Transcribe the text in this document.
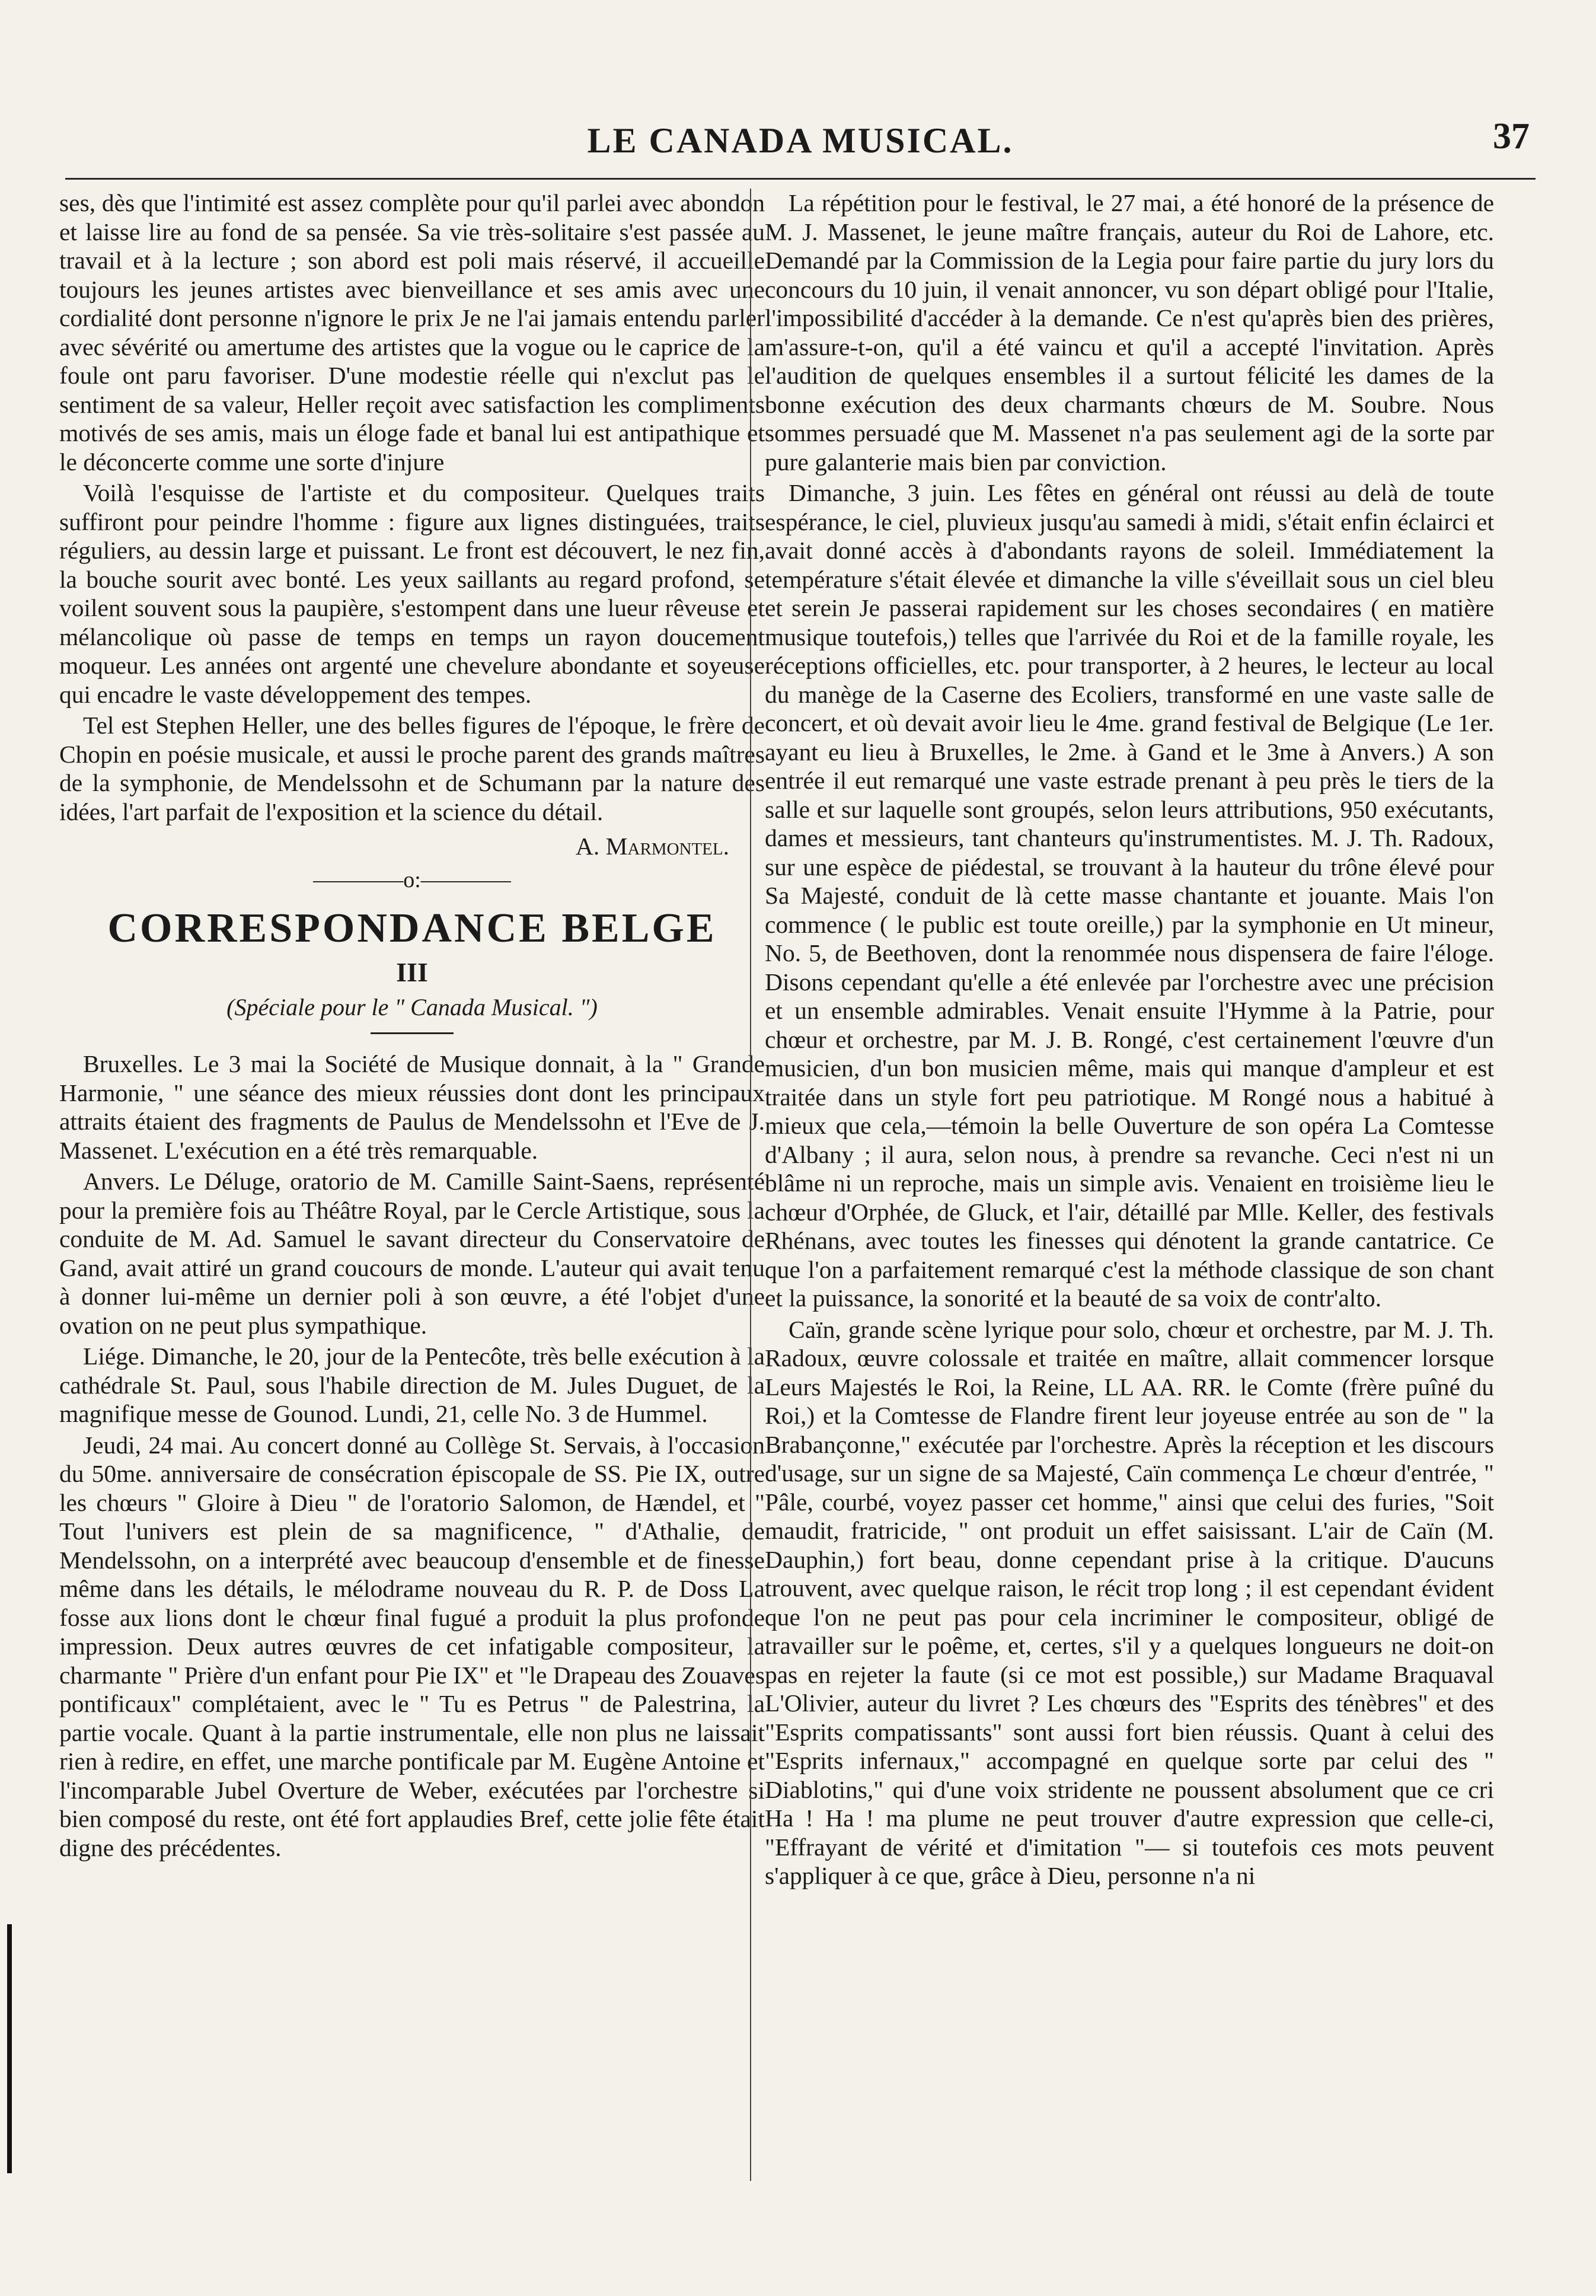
LE CANADA MUSICAL.	37

ses, dès que l'intimité est assez complète pour qu'il parlei avec abondon et laisse lire au fond de sa pensée. Sa vie très-solitaire s'est passée au travail et à la lecture ; son abord est poli mais réservé, il accueille toujours les jeunes artistes avec bienveillance et ses amis avec une cordialité dont personne n'ignore le prix Je ne l'ai jamais entendu parler avec sévérité ou amertume des artistes que la vogue ou le caprice de la foule ont paru favoriser. D'une modestie réelle qui n'exclut pas le sentiment de sa valeur, Heller reçoit avec satisfaction les compliments motivés de ses amis, mais un éloge fade et banal lui est antipathique et le déconcerte comme une sorte d'injure

Voilà l'esquisse de l'artiste et du compositeur. Quelques traits suffiront pour peindre l'homme : figure aux lignes distinguées, traits réguliers, au dessin large et puissant. Le front est découvert, le nez fin, la bouche sourit avec bonté. Les yeux saillants au regard profond, se voilent souvent sous la paupière, s'estompent dans une lueur rêveuse et mélancolique où passe de temps en temps un rayon doucement moqueur. Les années ont argenté une chevelure abondante et soyeuse qui encadre le vaste développement des tempes.

Tel est Stephen Heller, une des belles figures de l'époque, le frère de Chopin en poésie musicale, et aussi le proche parent des grands maîtres de la symphonie, de Mendelssohn et de Schumann par la nature des idées, l'art parfait de l'exposition et la science du détail.

A. Marmontel.
————o:————
CORRESPONDANCE BELGE
III
(Spéciale pour le " Canada Musical. ")

Bruxelles. Le 3 mai la Société de Musique donnait, à la " Grande Harmonie, " une séance des mieux réussies dont dont les principaux attraits étaient des fragments de Paulus de Mendelssohn et l'Eve de J. Massenet. L'exécution en a été très remarquable.

Anvers. Le Déluge, oratorio de M. Camille Saint-Saens, représenté pour la première fois au Théâtre Royal, par le Cercle Artistique, sous la conduite de M. Ad. Samuel le savant directeur du Conservatoire de Gand, avait attiré un grand coucours de monde. L'auteur qui avait tenu à donner lui-même un dernier poli à son œuvre, a été l'objet d'une ovation on ne peut plus sympathique.

Liége. Dimanche, le 20, jour de la Pentecôte, très belle exécution à la cathédrale St. Paul, sous l'habile direction de M. Jules Duguet, de la magnifique messe de Gounod. Lundi, 21, celle No. 3 de Hummel.

Jeudi, 24 mai. Au concert donné au Collège St. Servais, à l'occasion du 50me. anniversaire de consécration épiscopale de SS. Pie IX, outre les chœurs " Gloire à Dieu " de l'oratorio Salomon, de Hændel, et " Tout l'univers est plein de sa magnificence, " d'Athalie, de Mendelssohn, on a interprété avec beaucoup d'ensemble et de finesse même dans les détails, le mélodrame nouveau du R. P. de Doss La fosse aux lions dont le chœur final fugué a produit la plus profonde impression. Deux autres œuvres de cet infatigable compositeur, la charmante " Prière d'un enfant pour Pie IX" et "le Drapeau des Zouaves pontificaux" complétaient, avec le " Tu es Petrus " de Palestrina, la partie vocale. Quant à la partie instrumentale, elle non plus ne laissait rien à redire, en effet, une marche pontificale par M. Eugène Antoine et l'incomparable Jubel Overture de Weber, exécutées par l'orchestre si bien composé du reste, ont été fort applaudies Bref, cette jolie fête était digne des précédentes.

La répétition pour le festival, le 27 mai, a été honoré de la présence de M. J. Massenet, le jeune maître français, auteur du Roi de Lahore, etc. Demandé par la Commission de la Legia pour faire partie du jury lors du concours du 10 juin, il venait annoncer, vu son départ obligé pour l'Italie, l'impossibilité d'accéder à la demande. Ce n'est qu'après bien des prières, m'assure-t-on, qu'il a été vaincu et qu'il a accepté l'invitation. Après l'audition de quelques ensembles il a surtout félicité les dames de la bonne exécution des deux charmants chœurs de M. Soubre. Nous sommes persuadé que M. Massenet n'a pas seulement agi de la sorte par pure galanterie mais bien par conviction.

Dimanche, 3 juin. Les fêtes en général ont réussi au delà de toute espérance, le ciel, pluvieux jusqu'au samedi à midi, s'était enfin éclairci et avait donné accès à d'abondants rayons de soleil. Immédiatement la température s'était élevée et dimanche la ville s'éveillait sous un ciel bleu et serein Je passerai rapidement sur les choses secondaires ( en matière musique toutefois,) telles que l'arrivée du Roi et de la famille royale, les réceptions officielles, etc. pour transporter, à 2 heures, le lecteur au local du manège de la Caserne des Ecoliers, transformé en une vaste salle de concert, et où devait avoir lieu le 4me. grand festival de Belgique (Le 1er. ayant eu lieu à Bruxelles, le 2me. à Gand et le 3me à Anvers.) A son entrée il eut remarqué une vaste estrade prenant à peu près le tiers de la salle et sur laquelle sont groupés, selon leurs attributions, 950 exécutants, dames et messieurs, tant chanteurs qu'instrumentistes. M. J. Th. Radoux, sur une espèce de piédestal, se trouvant à la hauteur du trône élevé pour Sa Majesté, conduit de là cette masse chantante et jouante. Mais l'on commence ( le public est toute oreille,) par la symphonie en Ut mineur, No. 5, de Beethoven, dont la renommée nous dispensera de faire l'éloge. Disons cependant qu'elle a été enlevée par l'orchestre avec une précision et un ensemble admirables. Venait ensuite l'Hymme à la Patrie, pour chœur et orchestre, par M. J. B. Rongé, c'est certainement l'œuvre d'un musicien, d'un bon musicien même, mais qui manque d'ampleur et est traitée dans un style fort peu patriotique. M Rongé nous a habitué à mieux que cela,—témoin la belle Ouverture de son opéra La Comtesse d'Albany ; il aura, selon nous, à prendre sa revanche. Ceci n'est ni un blâme ni un reproche, mais un simple avis. Venaient en troisième lieu le chœur d'Orphée, de Gluck, et l'air, détaillé par Mlle. Keller, des festivals Rhénans, avec toutes les finesses qui dénotent la grande cantatrice. Ce que l'on a parfaitement remarqué c'est la méthode classique de son chant et la puissance, la sonorité et la beauté de sa voix de contr'alto.

Caïn, grande scène lyrique pour solo, chœur et orchestre, par M. J. Th. Radoux, œuvre colossale et traitée en maître, allait commencer lorsque Leurs Majestés le Roi, la Reine, LL AA. RR. le Comte (frère puîné du Roi,) et la Comtesse de Flandre firent leur joyeuse entrée au son de " la Brabançonne," exécutée par l'orchestre. Après la réception et les discours d'usage, sur un signe de sa Majesté, Caïn commença Le chœur d'entrée, " Pâle, courbé, voyez passer cet homme," ainsi que celui des furies, "Soit maudit, fratricide, " ont produit un effet saisissant. L'air de Caïn (M. Dauphin,) fort beau, donne cependant prise à la critique. D'aucuns trouvent, avec quelque raison, le récit trop long ; il est cependant évident que l'on ne peut pas pour cela incriminer le compositeur, obligé de travailler sur le poême, et, certes, s'il y a quelques longueurs ne doit-on pas en rejeter la faute (si ce mot est possible,) sur Madame Braquaval L'Olivier, auteur du livret ? Les chœurs des "Esprits des ténèbres" et des "Esprits compatissants" sont aussi fort bien réussis. Quant à celui des "Esprits infernaux," accompagné en quelque sorte par celui des " Diablotins," qui d'une voix stridente ne poussent absolument que ce cri Ha ! Ha ! ma plume ne peut trouver d'autre expression que celle-ci, "Effrayant de vérité et d'imitation "— si toutefois ces mots peuvent s'appliquer à ce que, grâce à Dieu, personne n'a ni
